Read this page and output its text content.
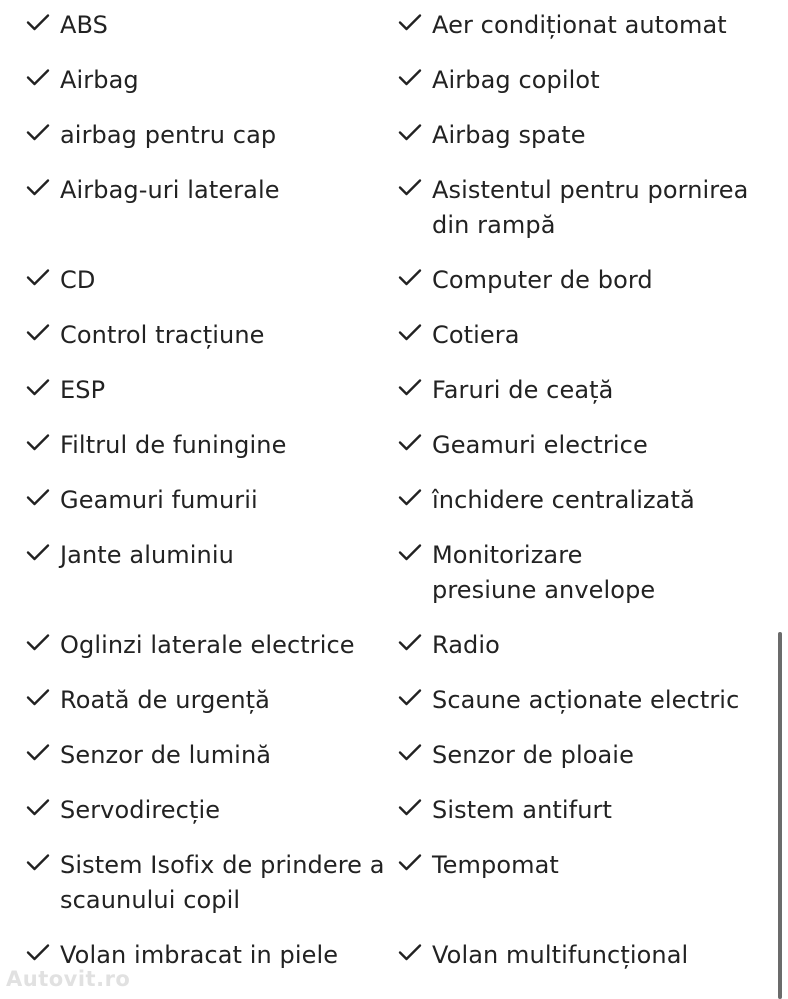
ABS
Airbag
airbag pentru cap
Airbag-uri laterale
CD
Control tracțiune
ESP
Filtrul de funingine
Geamuri fumurii
Jante aluminiu
Oglinzi laterale electrice
Roată de urgență
Senzor de lumină
Servodirecție
Sistem Isofix de prindere a
scaunului copil
Volan imbracat in piele
Aer condiționat automat
Airbag copilot
Airbag spate
Asistentul pentru pornirea
din rampă
Computer de bord
Cotiera
Faruri de ceață
Geamuri electrice
închidere centralizată
Monitorizare
presiune anvelope
Radio
Scaune acționate electric
Senzor de ploaie
Sistem antifurt
Tempomat
Volan multifuncțional
Autovit.ro
